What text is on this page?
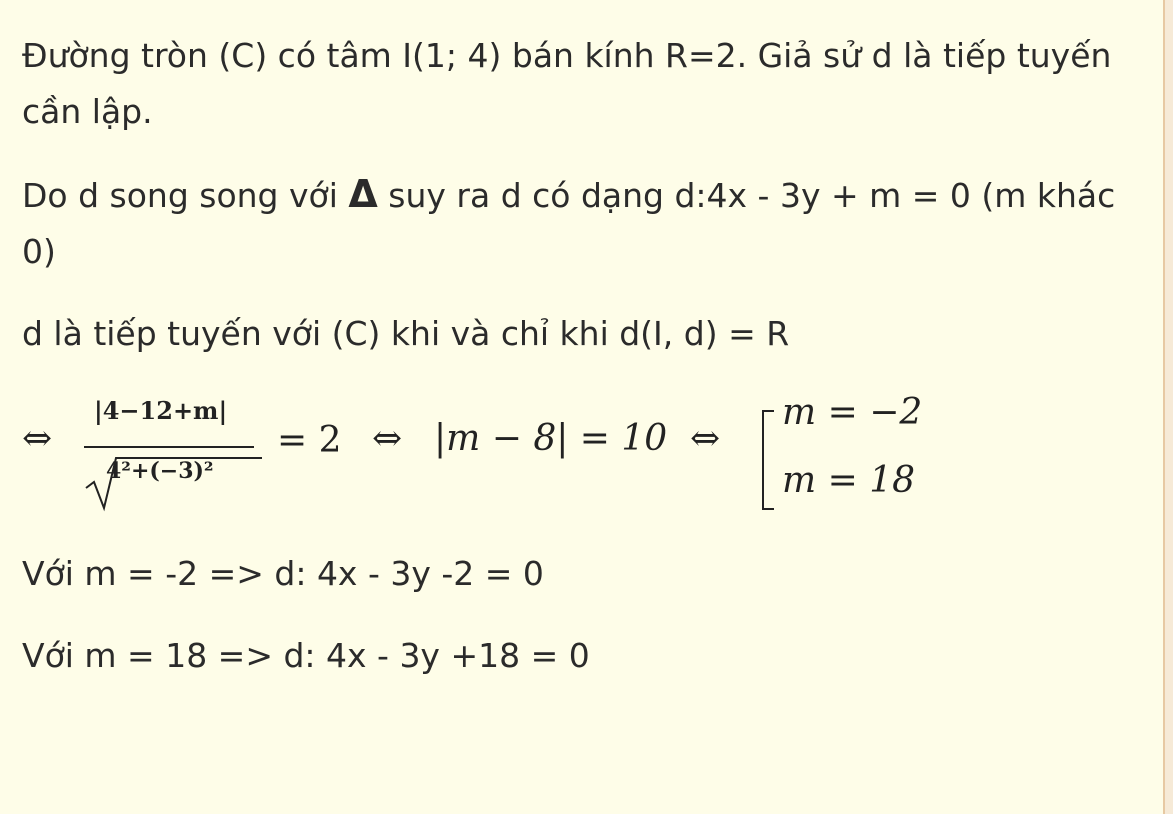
Đường tròn (C) có tâm I(1; 4) bán kính R=2. Giả sử d là tiếp tuyến cần lập.

Do d song song với Δ suy ra d có dạng d:4x - 3y + m = 0 (m khác 0)

d là tiếp tuyến với (C) khi và chỉ khi d(I, d) = R

⇔
|4−12+m|
4²+(−3)²
= 2 ⇔ |m − 8| = 10 ⇔
m = −2
m = 18

Với m = -2 => d: 4x - 3y -2 = 0

Với m = 18 => d: 4x - 3y +18 = 0
